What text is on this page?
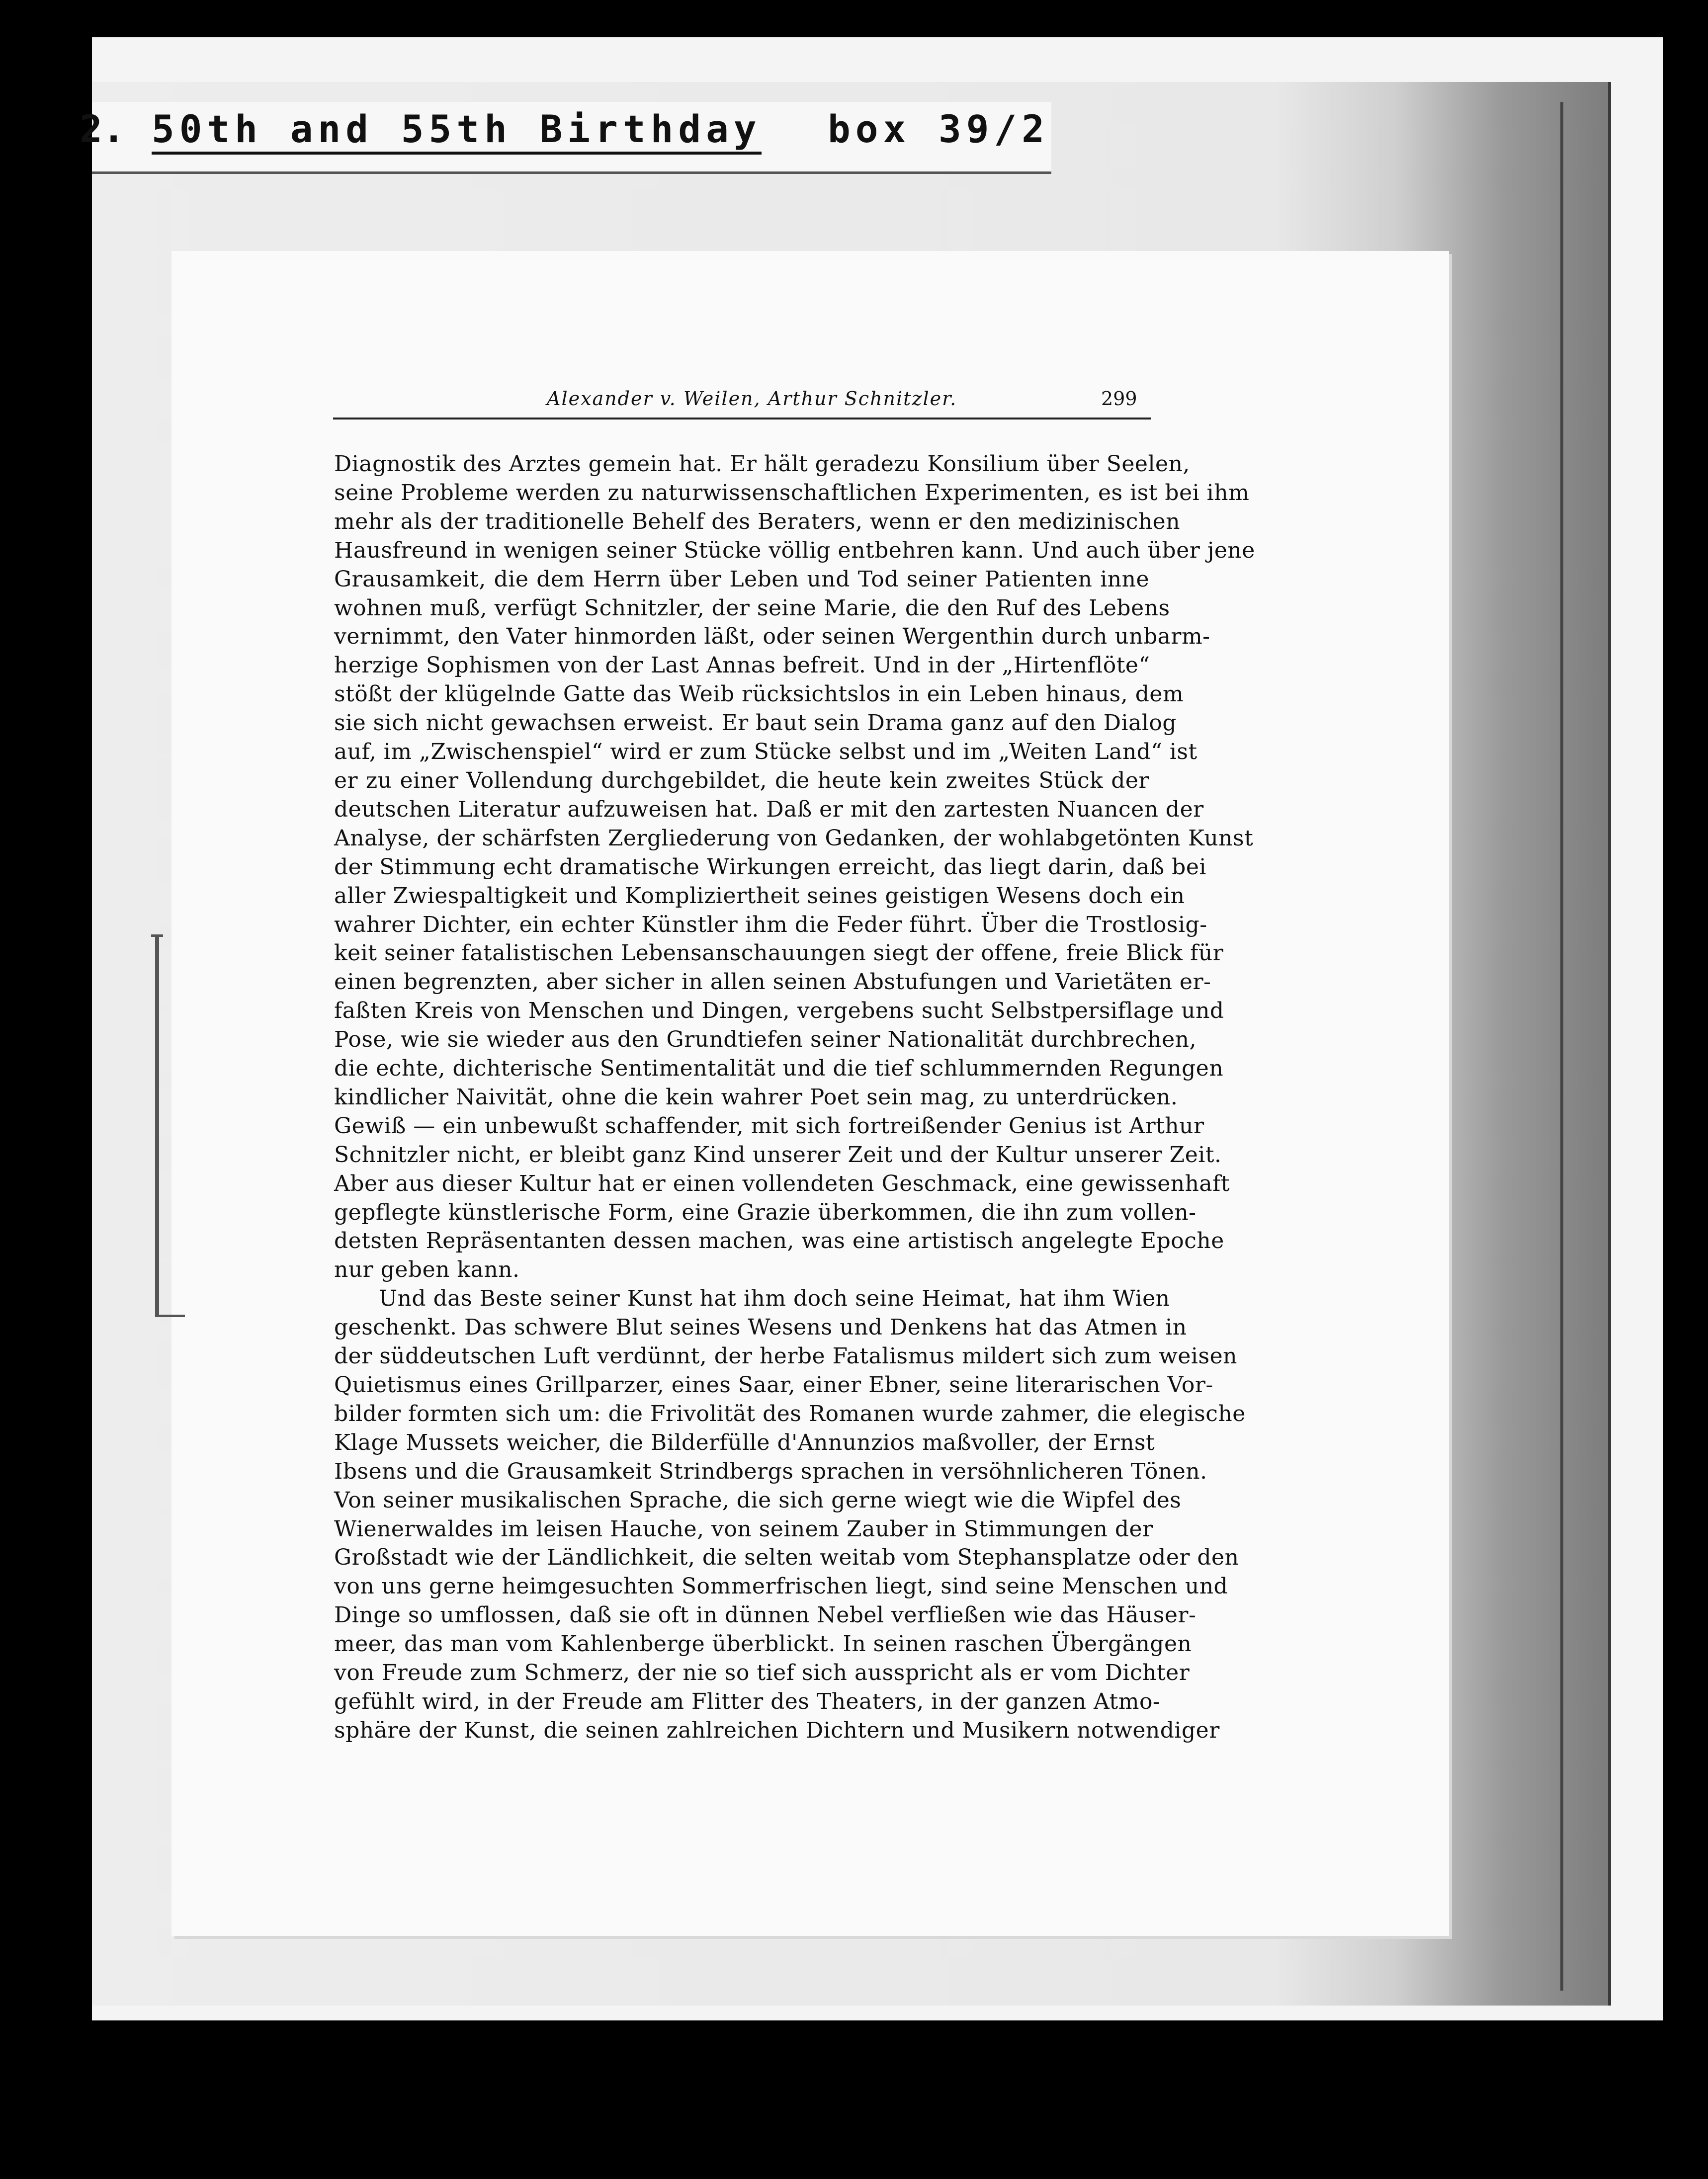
2. 50th and 55th Birthday box 39/2
Alexander v. Weilen, Arthur Schnitzler.	299
Diagnostik des Arztes gemein hat. Er hält geradezu Konsilium über Seelen,
seine Probleme werden zu naturwissenschaftlichen Experimenten, es ist bei ihm
mehr als der traditionelle Behelf des Beraters, wenn er den medizinischen
Hausfreund in wenigen seiner Stücke völlig entbehren kann. Und auch über jene
Grausamkeit, die dem Herrn über Leben und Tod seiner Patienten inne
wohnen muß, verfügt Schnitzler, der seine Marie, die den Ruf des Lebens
vernimmt, den Vater hinmorden läßt, oder seinen Wergenthin durch unbarm-
herzige Sophismen von der Last Annas befreit. Und in der „Hirtenflöte“
stößt der klügelnde Gatte das Weib rücksichtslos in ein Leben hinaus, dem
sie sich nicht gewachsen erweist. Er baut sein Drama ganz auf den Dialog
auf, im „Zwischenspiel“ wird er zum Stücke selbst und im „Weiten Land“ ist
er zu einer Vollendung durchgebildet, die heute kein zweites Stück der
deutschen Literatur aufzuweisen hat. Daß er mit den zartesten Nuancen der
Analyse, der schärfsten Zergliederung von Gedanken, der wohlabgetönten Kunst
der Stimmung echt dramatische Wirkungen erreicht, das liegt darin, daß bei
aller Zwiespaltigkeit und Kompliziertheit seines geistigen Wesens doch ein
wahrer Dichter, ein echter Künstler ihm die Feder führt. Über die Trostlosig-
keit seiner fatalistischen Lebensanschauungen siegt der offene, freie Blick für
einen begrenzten, aber sicher in allen seinen Abstufungen und Varietäten er-
faßten Kreis von Menschen und Dingen, vergebens sucht Selbstpersiflage und
Pose, wie sie wieder aus den Grundtiefen seiner Nationalität durchbrechen,
die echte, dichterische Sentimentalität und die tief schlummernden Regungen
kindlicher Naivität, ohne die kein wahrer Poet sein mag, zu unterdrücken.
Gewiß — ein unbewußt schaffender, mit sich fortreißender Genius ist Arthur
Schnitzler nicht, er bleibt ganz Kind unserer Zeit und der Kultur unserer Zeit.
Aber aus dieser Kultur hat er einen vollendeten Geschmack, eine gewissenhaft
gepflegte künstlerische Form, eine Grazie überkommen, die ihn zum vollen-
detsten Repräsentanten dessen machen, was eine artistisch angelegte Epoche
nur geben kann.
Und das Beste seiner Kunst hat ihm doch seine Heimat, hat ihm Wien
geschenkt. Das schwere Blut seines Wesens und Denkens hat das Atmen in
der süddeutschen Luft verdünnt, der herbe Fatalismus mildert sich zum weisen
Quietismus eines Grillparzer, eines Saar, einer Ebner, seine literarischen Vor-
bilder formten sich um: die Frivolität des Romanen wurde zahmer, die elegische
Klage Mussets weicher, die Bilderfülle d'Annunzios maßvoller, der Ernst
Ibsens und die Grausamkeit Strindbergs sprachen in versöhnlicheren Tönen.
Von seiner musikalischen Sprache, die sich gerne wiegt wie die Wipfel des
Wienerwaldes im leisen Hauche, von seinem Zauber in Stimmungen der
Großstadt wie der Ländlichkeit, die selten weitab vom Stephansplatze oder den
von uns gerne heimgesuchten Sommerfrischen liegt, sind seine Menschen und
Dinge so umflossen, daß sie oft in dünnen Nebel verfließen wie das Häuser-
meer, das man vom Kahlenberge überblickt. In seinen raschen Übergängen
von Freude zum Schmerz, der nie so tief sich ausspricht als er vom Dichter
gefühlt wird, in der Freude am Flitter des Theaters, in der ganzen Atmo-
sphäre der Kunst, die seinen zahlreichen Dichtern und Musikern notwendiger
